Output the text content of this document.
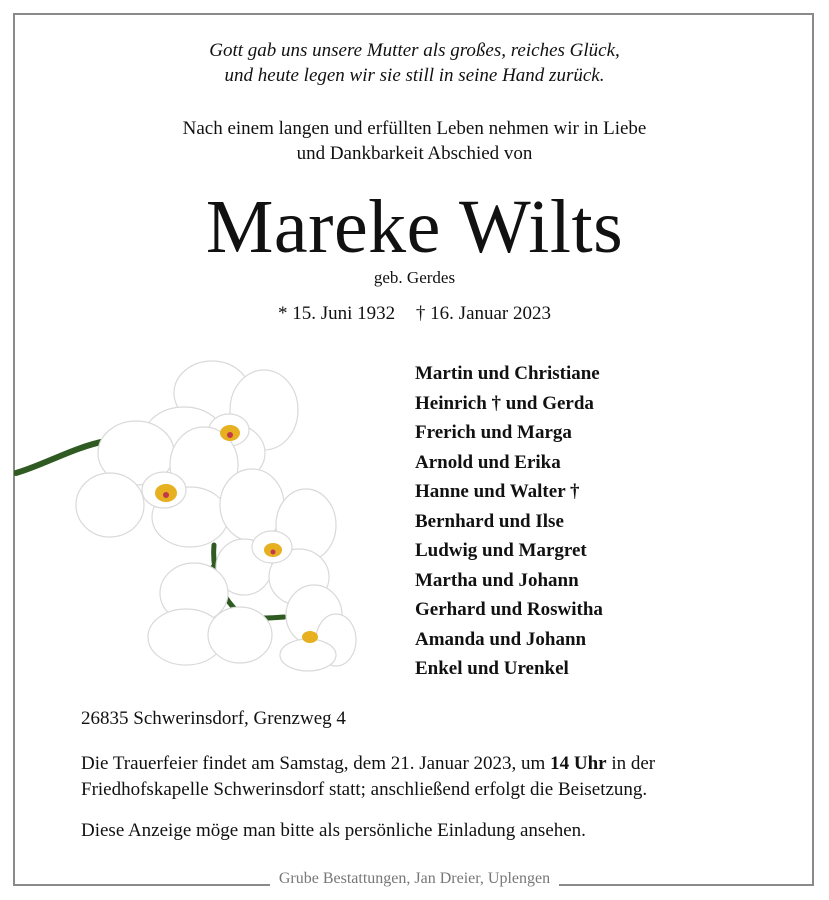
Gott gab uns unsere Mutter als großes, reiches Glück,
und heute legen wir sie still in seine Hand zurück.
Nach einem langen und erfüllten Leben nehmen wir in Liebe
und Dankbarkeit Abschied von
Mareke Wilts
geb. Gerdes
* 15. Juni 1932 † 16. Januar 2023
Martin und Christiane
Heinrich † und Gerda
Frerich und Marga
Arnold und Erika
Hanne und Walter †
Bernhard und Ilse
Ludwig und Margret
Martha und Johann
Gerhard und Roswitha
Amanda und Johann
Enkel und Urenkel
26835 Schwerinsdorf, Grenzweg 4
Die Trauerfeier findet am Samstag, dem 21. Januar 2023, um 14 Uhr in der Friedhofskapelle Schwerinsdorf statt; anschließend erfolgt die Beisetzung.
Diese Anzeige möge man bitte als persönliche Einladung ansehen.
Grube Bestattungen, Jan Dreier, Uplengen
